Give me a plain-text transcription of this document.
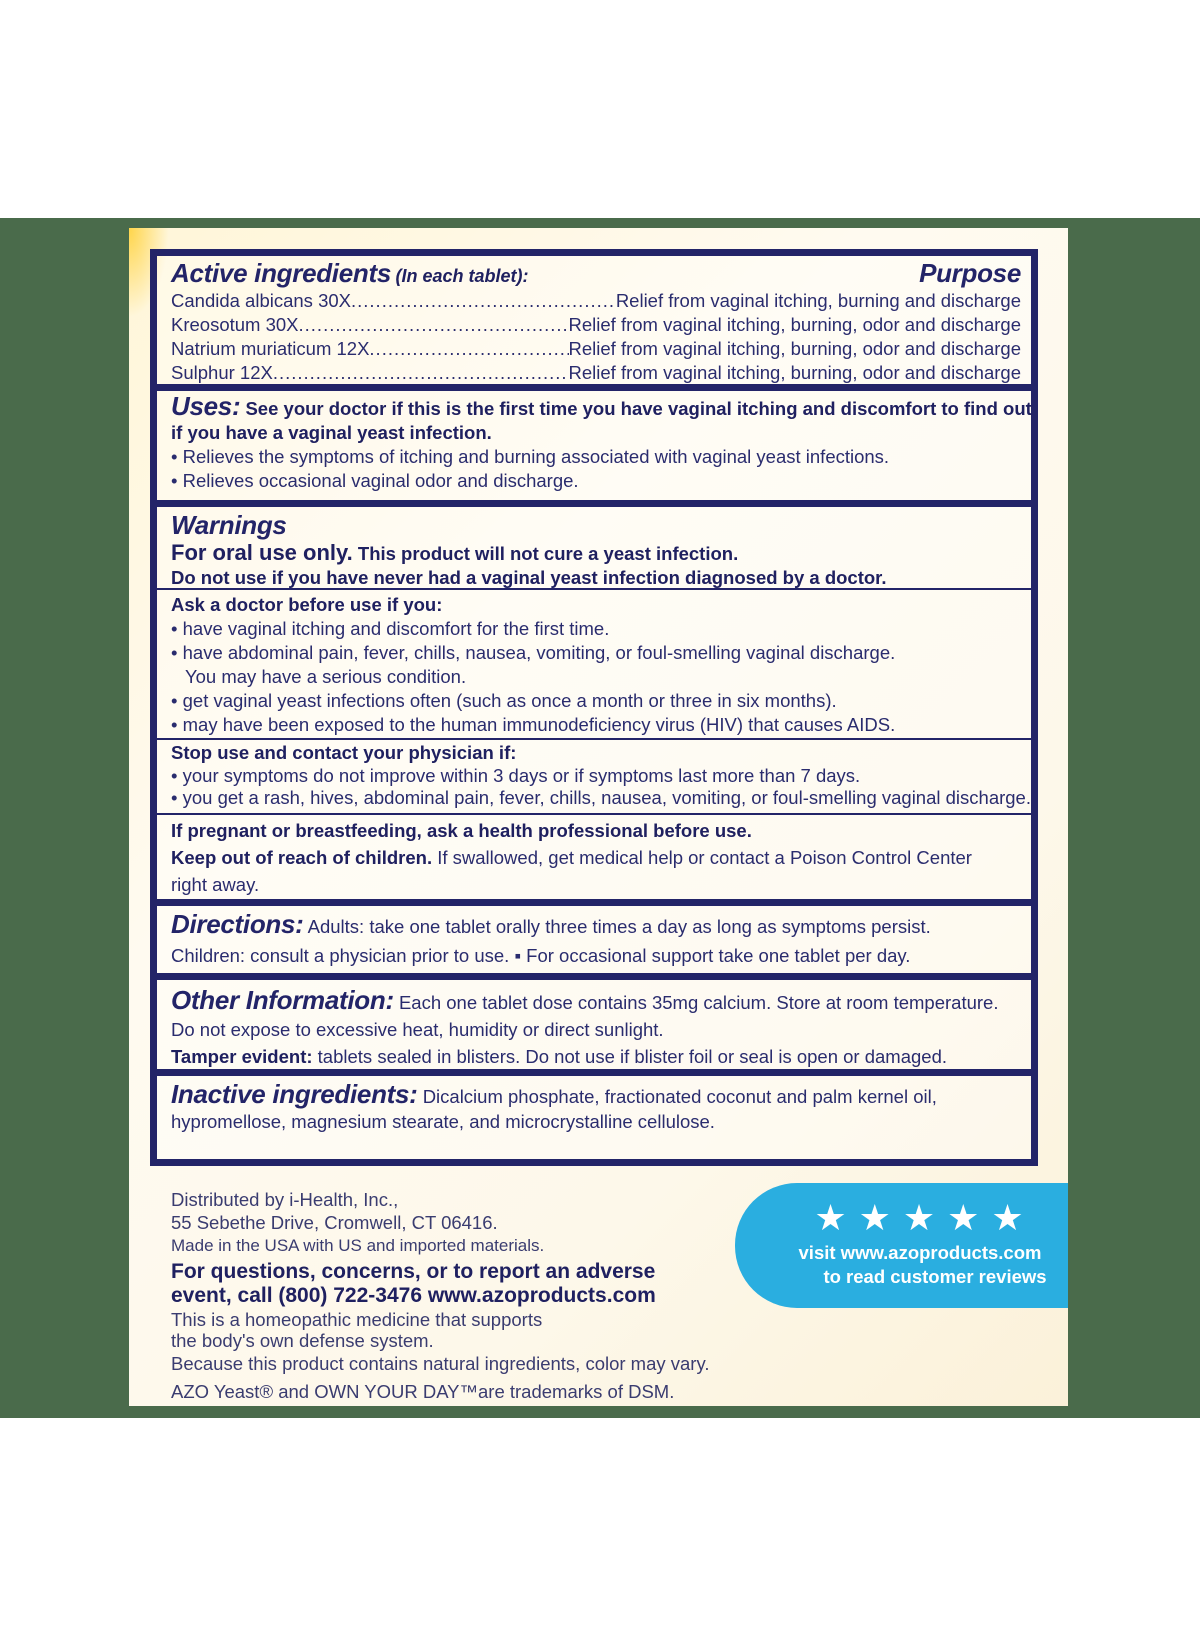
Active ingredients (In each tablet):	Purpose
Candida albicans 30X .....	Relief from vaginal itching, burning and discharge
Kreosotum 30X .....	Relief from vaginal itching, burning, odor and discharge
Natrium muriaticum 12X .....	Relief from vaginal itching, burning, odor and discharge
Sulphur 12X .....	Relief from vaginal itching, burning, odor and discharge
Uses: See your doctor if this is the first time you have vaginal itching and discomfort to find out
if you have a vaginal yeast infection.
• Relieves the symptoms of itching and burning associated with vaginal yeast infections.
• Relieves occasional vaginal odor and discharge.
Warnings
For oral use only. This product will not cure a yeast infection.
Do not use if you have never had a vaginal yeast infection diagnosed by a doctor.
Ask a doctor before use if you:
• have vaginal itching and discomfort for the first time.
• have abdominal pain, fever, chills, nausea, vomiting, or foul-smelling vaginal discharge.
You may have a serious condition.
• get vaginal yeast infections often (such as once a month or three in six months).
• may have been exposed to the human immunodeficiency virus (HIV) that causes AIDS.
Stop use and contact your physician if:
• your symptoms do not improve within 3 days or if symptoms last more than 7 days.
• you get a rash, hives, abdominal pain, fever, chills, nausea, vomiting, or foul-smelling vaginal discharge.
If pregnant or breastfeeding, ask a health professional before use.
Keep out of reach of children. If swallowed, get medical help or contact a Poison Control Center
right away.
Directions: Adults: take one tablet orally three times a day as long as symptoms persist.
Children: consult a physician prior to use. ▪ For occasional support take one tablet per day.
Other Information: Each one tablet dose contains 35mg calcium. Store at room temperature.
Do not expose to excessive heat, humidity or direct sunlight.
Tamper evident: tablets sealed in blisters. Do not use if blister foil or seal is open or damaged.
Inactive ingredients: Dicalcium phosphate, fractionated coconut and palm kernel oil,
hypromellose, magnesium stearate, and microcrystalline cellulose.
Distributed by i-Health, Inc.,
55 Sebethe Drive, Cromwell, CT 06416.
Made in the USA with US and imported materials.
For questions, concerns, or to report an adverse
event, call (800) 722-3476 www.azoproducts.com
This is a homeopathic medicine that supports
the body's own defense system.
Because this product contains natural ingredients, color may vary.
AZO Yeast® and OWN YOUR DAY™are trademarks of DSM.
★★★★★
visit www.azoproducts.com
to read customer reviews
